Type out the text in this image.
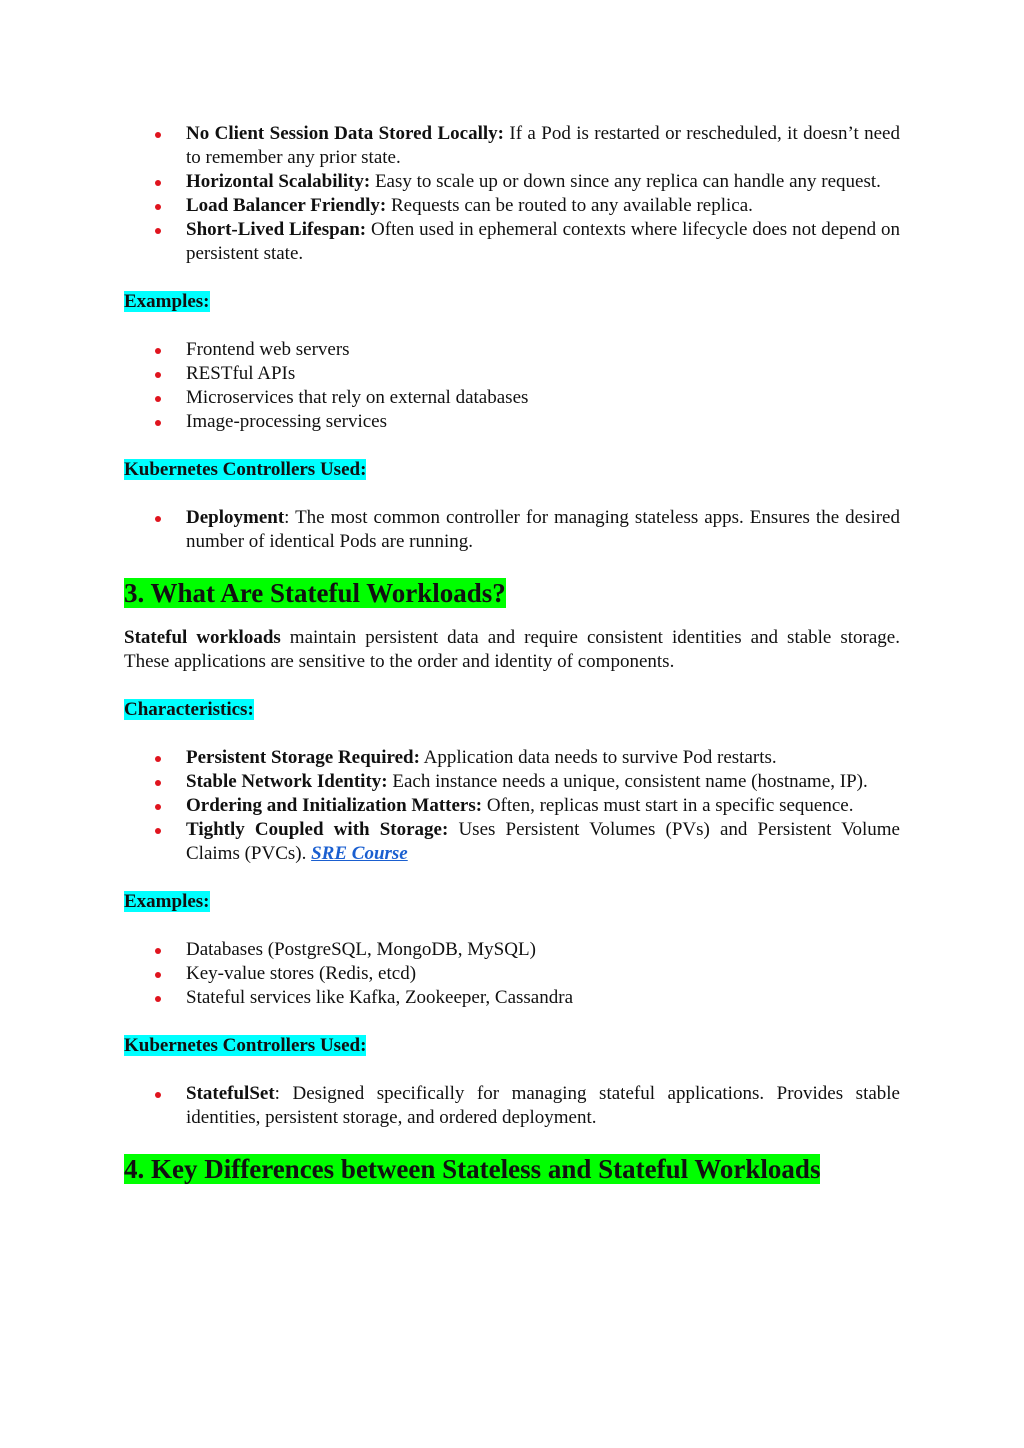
No Client Session Data Stored Locally: If a Pod is restarted or rescheduled, it doesn’t need to remember any prior state.
Horizontal Scalability: Easy to scale up or down since any replica can handle any request.
Load Balancer Friendly: Requests can be routed to any available replica.
Short-Lived Lifespan: Often used in ephemeral contexts where lifecycle does not depend on persistent state.

Examples:

Frontend web servers
RESTful APIs
Microservices that rely on external databases
Image-processing services

Kubernetes Controllers Used:

Deployment: The most common controller for managing stateless apps. Ensures the desired number of identical Pods are running.
3. What Are Stateful Workloads?

Stateful workloads maintain persistent data and require consistent identities and stable storage. These applications are sensitive to the order and identity of components.

Characteristics:

Persistent Storage Required: Application data needs to survive Pod restarts.
Stable Network Identity: Each instance needs a unique, consistent name (hostname, IP).
Ordering and Initialization Matters: Often, replicas must start in a specific sequence.
Tightly Coupled with Storage: Uses Persistent Volumes (PVs) and Persistent Volume Claims (PVCs). SRE Course

Examples:

Databases (PostgreSQL, MongoDB, MySQL)
Key-value stores (Redis, etcd)
Stateful services like Kafka, Zookeeper, Cassandra

Kubernetes Controllers Used:

StatefulSet: Designed specifically for managing stateful applications. Provides stable identities, persistent storage, and ordered deployment.
4. Key Differences between Stateless and Stateful Workloads
